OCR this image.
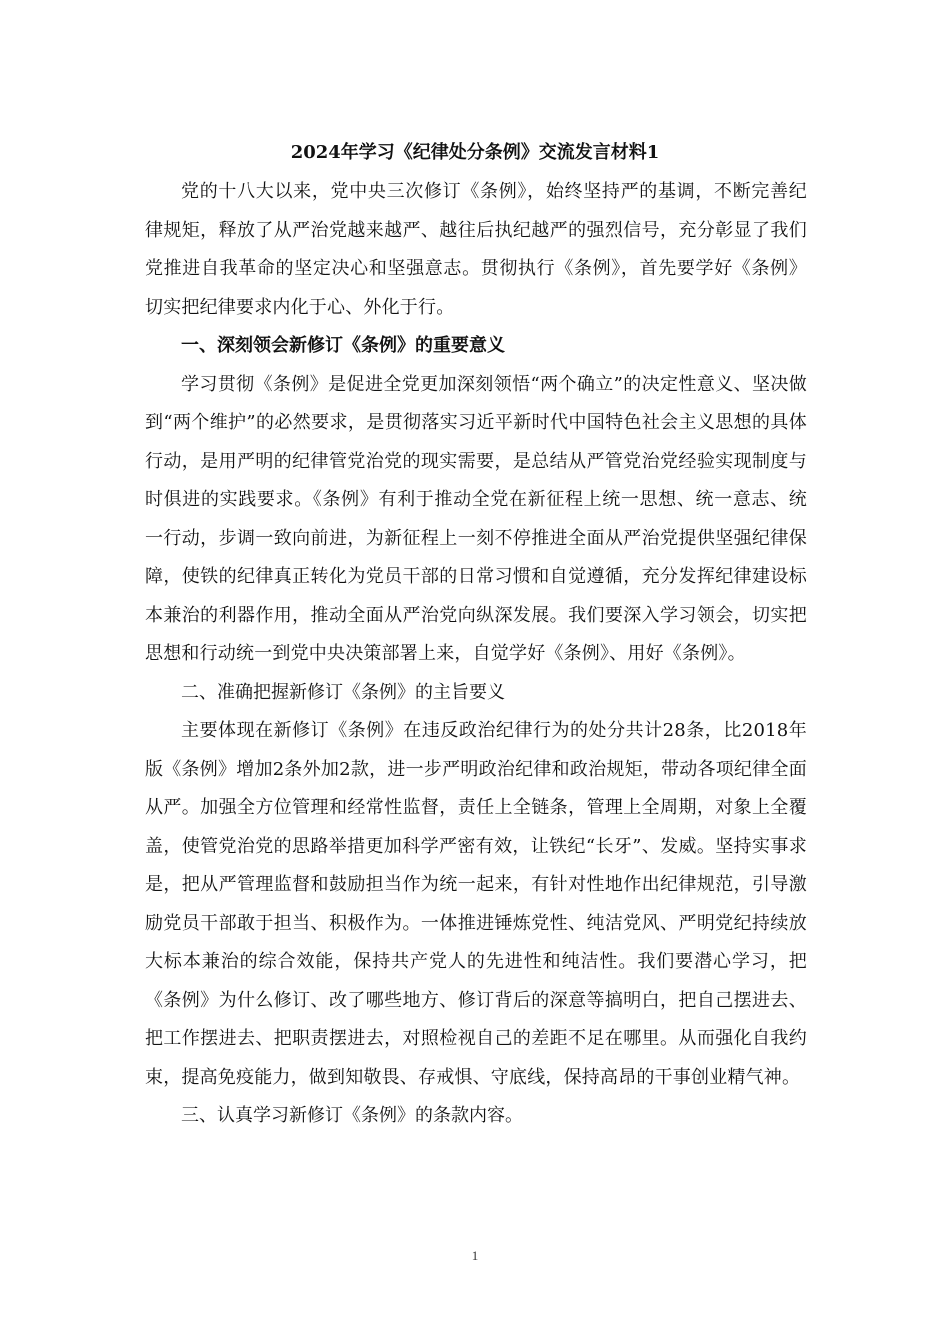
2024年学习《纪律处分条例》交流发言材料1

党的十八大以来，党中央三次修订《条例》，始终坚持严的基调，不断完善纪律规矩，释放了从严治党越来越严、越往后执纪越严的强烈信号，充分彰显了我们党推进自我革命的坚定决心和坚强意志。贯彻执行《条例》，首先要学好《条例》切实把纪律要求内化于心、外化于行。

一、深刻领会新修订《条例》的重要意义

学习贯彻《条例》是促进全党更加深刻领悟“两个确立”的决定性意义、坚决做到“两个维护”的必然要求，是贯彻落实习近平新时代中国特色社会主义思想的具体行动，是用严明的纪律管党治党的现实需要，是总结从严管党治党经验实现制度与时俱进的实践要求。《条例》有利于推动全党在新征程上统一思想、统一意志、统一行动，步调一致向前进，为新征程上一刻不停推进全面从严治党提供坚强纪律保障，使铁的纪律真正转化为党员干部的日常习惯和自觉遵循，充分发挥纪律建设标本兼治的利器作用，推动全面从严治党向纵深发展。我们要深入学习领会，切实把思想和行动统一到党中央决策部署上来，自觉学好《条例》、用好《条例》。

二、准确把握新修订《条例》的主旨要义

主要体现在新修订《条例》在违反政治纪律行为的处分共计28条，比2018年版《条例》增加2条外加2款，进一步严明政治纪律和政治规矩，带动各项纪律全面从严。加强全方位管理和经常性监督，责任上全链条，管理上全周期，对象上全覆盖，使管党治党的思路举措更加科学严密有效，让铁纪“长牙”、发威。坚持实事求是，把从严管理监督和鼓励担当作为统一起来，有针对性地作出纪律规范，引导激励党员干部敢于担当、积极作为。一体推进锤炼党性、纯洁党风、严明党纪持续放大标本兼治的综合效能，保持共产党人的先进性和纯洁性。我们要潜心学习，把《条例》为什么修订、改了哪些地方、修订背后的深意等搞明白，把自己摆进去、把工作摆进去、把职责摆进去，对照检视自己的差距不足在哪里。从而强化自我约束，提高免疫能力，做到知敬畏、存戒惧、守底线，保持高昂的干事创业精气神。

三、认真学习新修订《条例》的条款内容。

1
